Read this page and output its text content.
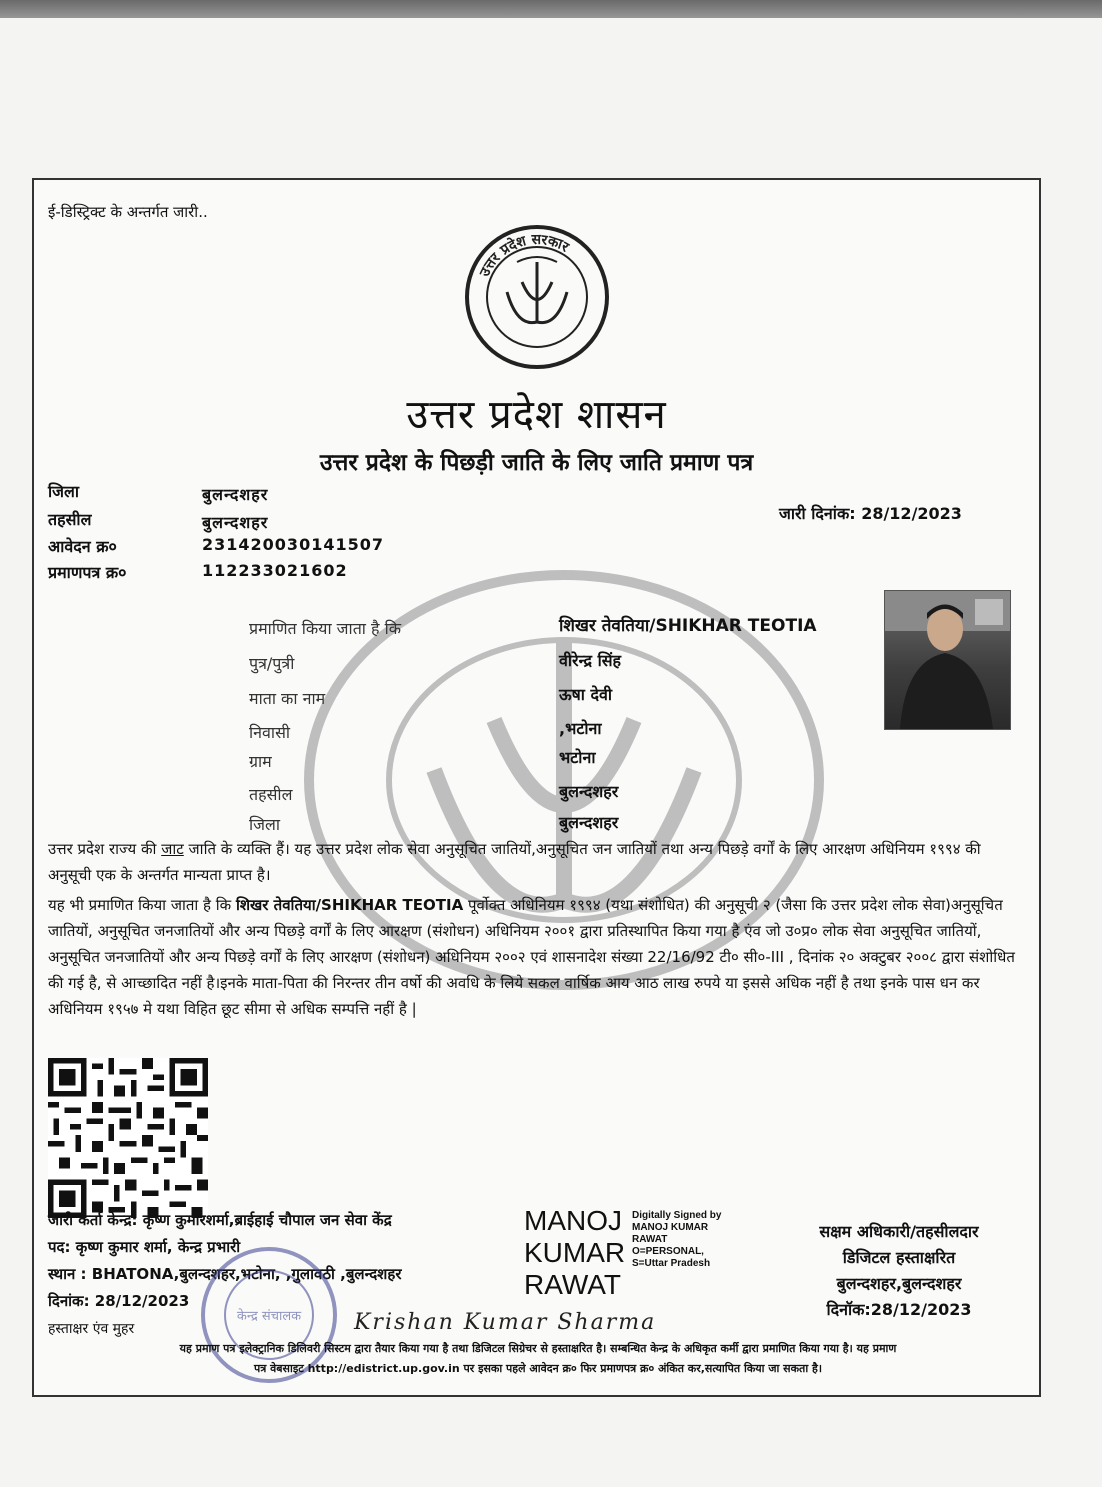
ई-डिस्ट्रिक्ट के अन्तर्गत जारी..
उत्तर प्रदेश सरकार
उत्तर प्रदेश शासन
उत्तर प्रदेश के पिछड़ी जाति के लिए जाति प्रमाण पत्र
जिला	बुलन्दशहर
तहसील	बुलन्दशहर
आवेदन क्र०	231420030141507
प्रमाणपत्र क्र०	112233021602
जारी दिनांक: 28/12/2023
प्रमाणित किया जाता है कि	शिखर तेवतिया/SHIKHAR TEOTIA
पुत्र/पुत्री	वीरेन्द्र सिंह
माता का नाम	ऊषा देवी
निवासी	,भटोना
ग्राम	भटोना
तहसील	बुलन्दशहर
जिला	बुलन्दशहर
उत्तर प्रदेश राज्य की जाट जाति के व्यक्ति हैं। यह उत्तर प्रदेश लोक सेवा अनुसूचित जातियों,अनुसूचित जन जातियों तथा अन्य पिछड़े वर्गों के लिए आरक्षण अधिनियम १९९४ की अनुसूची एक के अन्तर्गत मान्यता प्राप्त है।
यह भी प्रमाणित किया जाता है कि शिखर तेवतिया/SHIKHAR TEOTIA पूर्वोक्त अधिनियम १९९४ (यथा संशोधित) की अनुसूची २ (जैसा कि उत्तर प्रदेश लोक सेवा)अनुसूचित जातियों, अनुसूचित जनजातियों और अन्य पिछड़े वर्गों के लिए आरक्षण (संशोधन) अधिनियम २००१ द्वारा प्रतिस्थापित किया गया है एंव जो उ०प्र० लोक सेवा अनुसूचित जातियों, अनुसूचित जनजातियों और अन्य पिछड़े वर्गों के लिए आरक्षण (संशोधन) अधिनियम २००२ एवं शासनादेश संख्या 22/16/92 टी० सी०-III , दिनांक २० अक्टुबर २००८ द्वारा संशोधित की गई है, से आच्छादित नहीं है।इनके माता-पिता की निरन्तर तीन वर्षो की अवधि के लिये सकल वार्षिक आय आठ लाख रुपये या इससे अधिक नहीं है तथा इनके पास धन कर अधिनियम १९५७ मे यथा विहित छूट सीमा से अधिक सम्पत्ति नहीं है |
जारी कर्ता केन्द्र: कृष्ण कुमारशर्मा,ब्राईहाई चौपाल जन सेवा केंद्र
पद: कृष्ण कुमार शर्मा, केन्द्र प्रभारी
स्थान : BHATONA,बुलन्दशहर,भटोना, ,गुलावठी ,बुलन्दशहर
दिनांक: 28/12/2023
हस्ताक्षर एंव मुहर
केन्द्र संचालक
MANOJ
KUMAR
RAWAT
Digitally Signed by
MANOJ KUMAR
RAWAT
O=PERSONAL,
S=Uttar Pradesh
सक्षम अधिकारी/तहसीलदार
डिजिटल हस्ताक्षरित
बुलन्दशहर,बुलन्दशहर
दिनॉक:28/12/2023
Krishan Kumar Sharma
यह प्रमाण पत्र इलेक्ट्रानिक डिलिवरी सिस्टम द्वारा तैयार किया गया है तथा डिजिटल सिग्रेचर से हस्ताक्षरित है। सम्बन्धित केन्द्र के अधिकृत कर्मी द्वारा प्रमाणित किया गया है। यह प्रमाण
पत्र वेबसाइट http://edistrict.up.gov.in पर इसका पहले आवेदन क्र० फिर प्रमाणपत्र क्र० अंकित कर,सत्यापित किया जा सकता है।
